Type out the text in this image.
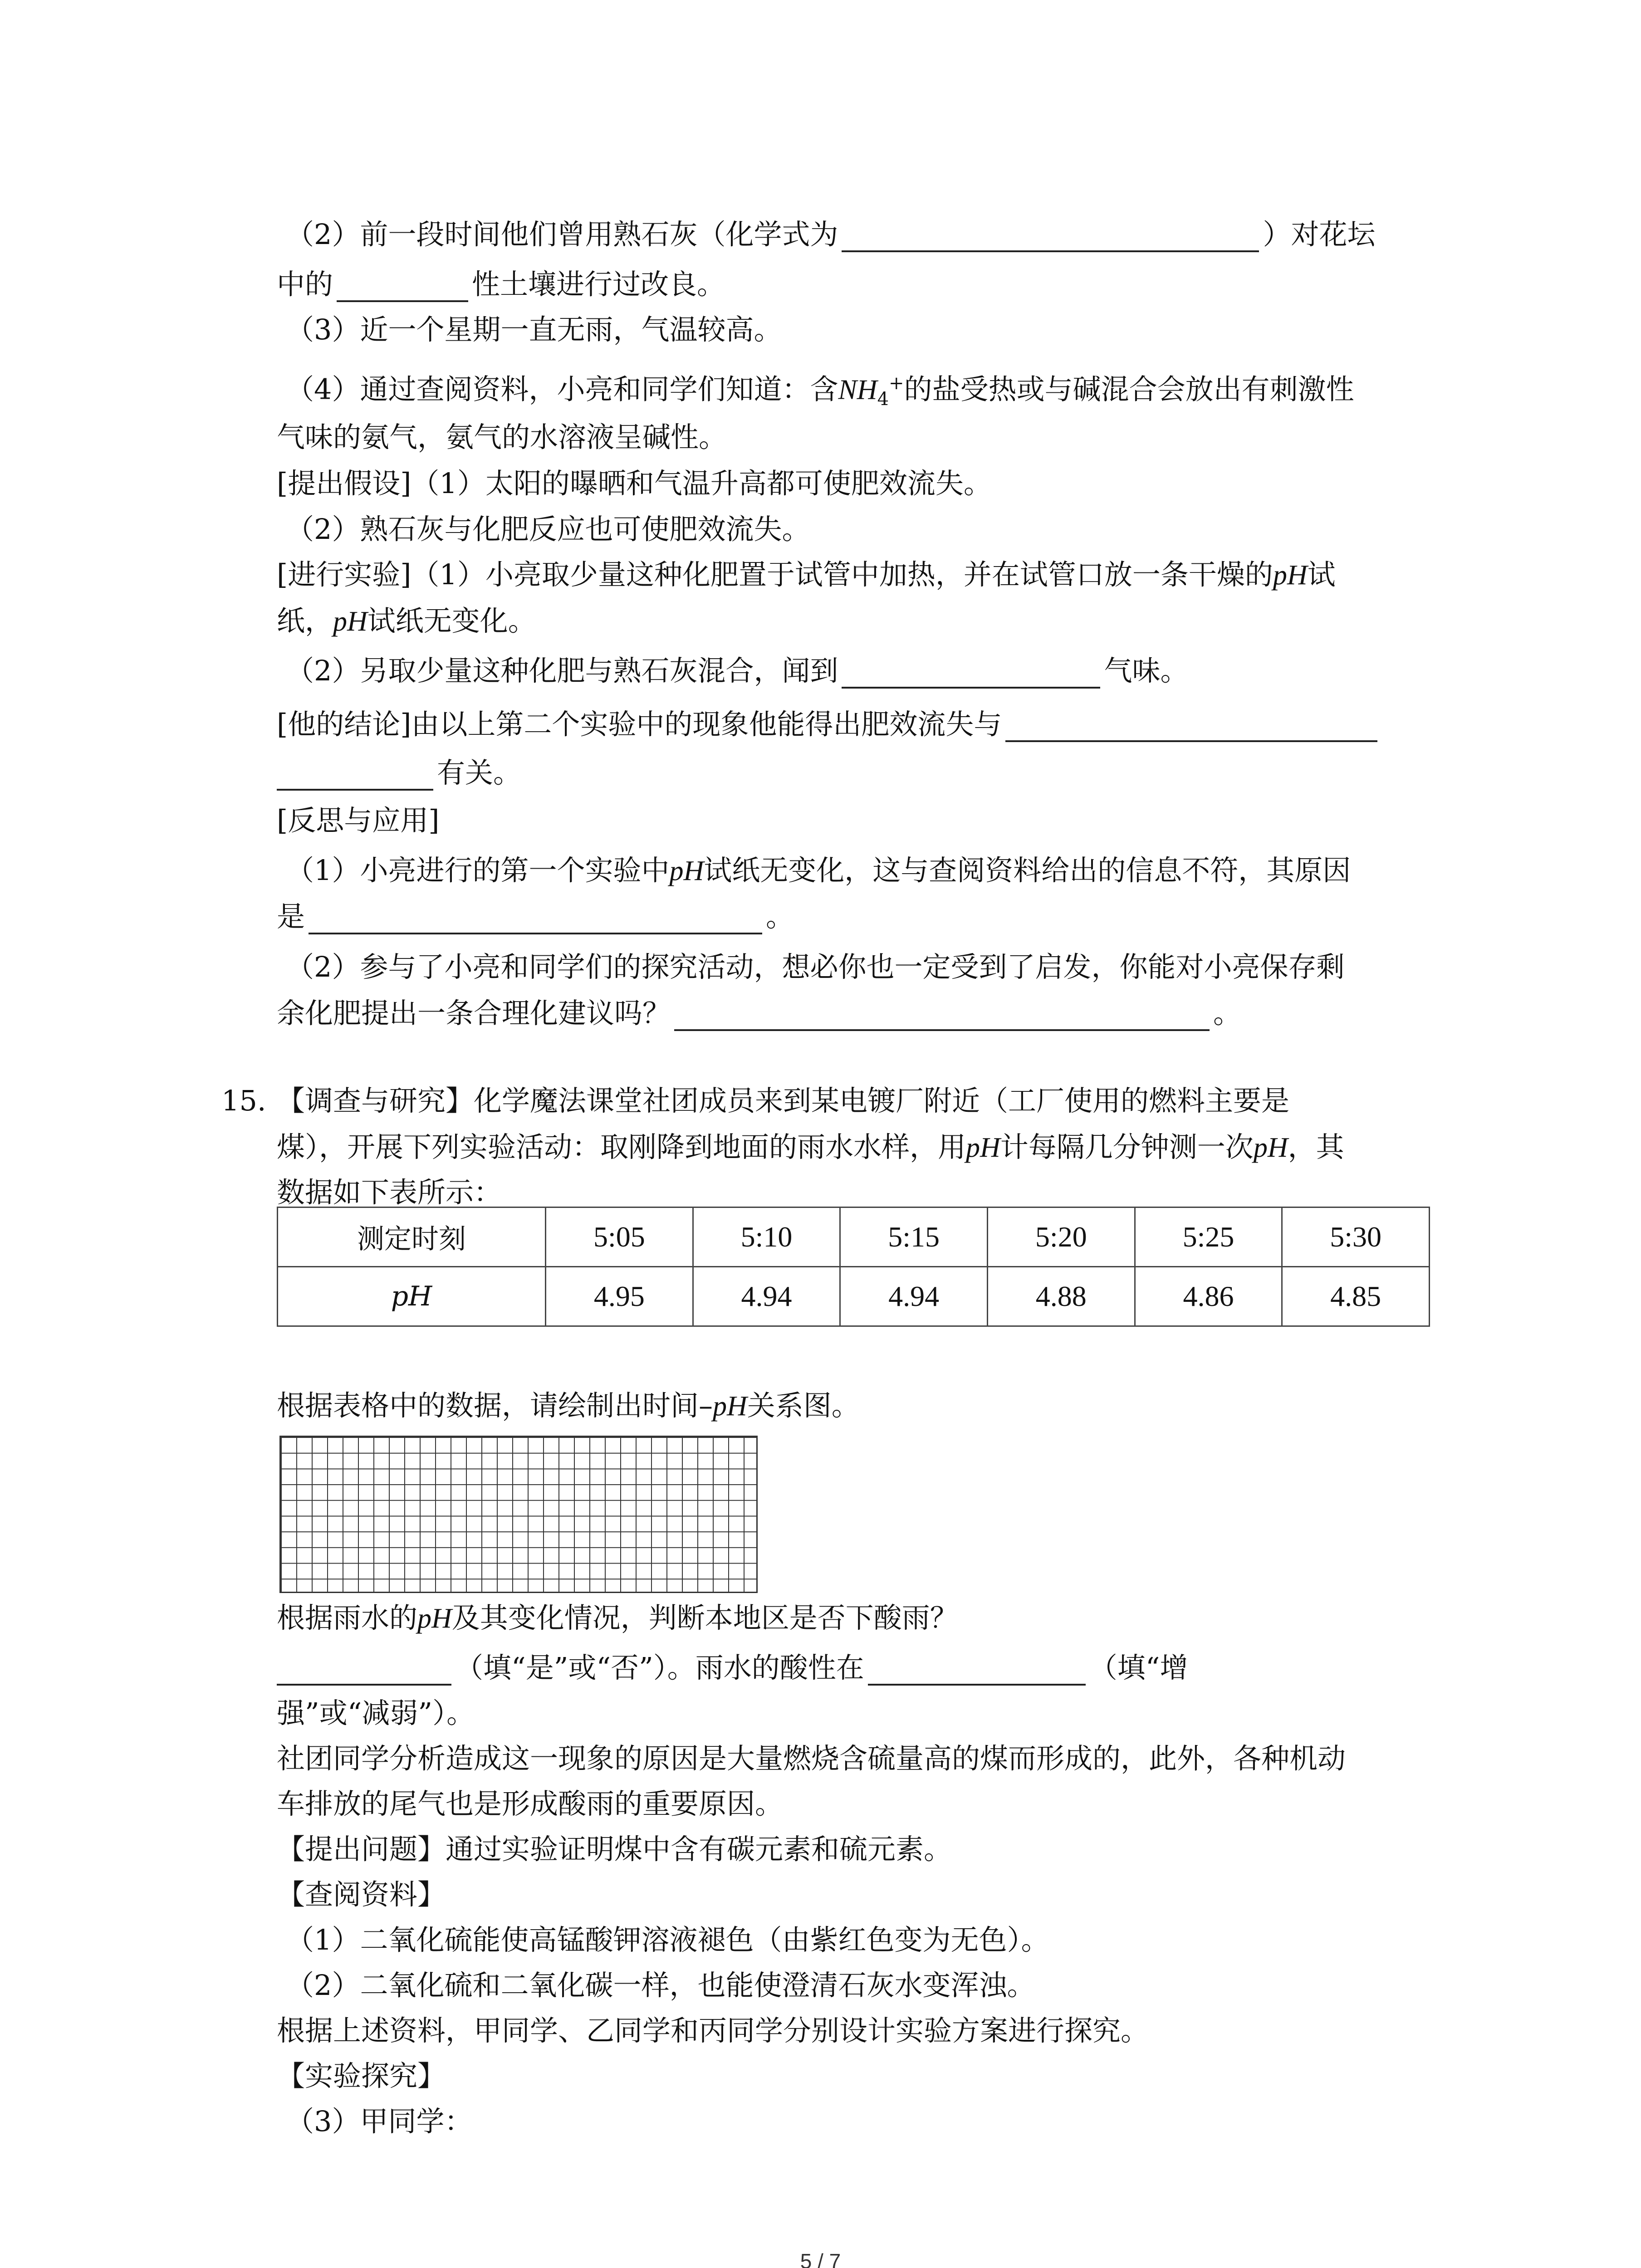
（2）前一段时间他们曾用熟石灰（化学式为	）对花坛
中的	性土壤进行过改良。
（3）近一个星期一直无雨，气温较高。
（4）通过查阅资料，小亮和同学们知道：含$NH_4^+$的盐受热或与碱混合会放出有刺激性
气味的氨气，氨气的水溶液呈碱性。
[提出假设]（1）太阳的曝晒和气温升高都可使肥效流失。
（2）熟石灰与化肥反应也可使肥效流失。
[进行实验]（1）小亮取少量这种化肥置于试管中加热，并在试管口放一条干燥的pH试
纸，pH试纸无变化。
（2）另取少量这种化肥与熟石灰混合，闻到	气味。
[他的结论]由以上第二个实验中的现象他能得出肥效流失与
有关。
[反思与应用]
（1）小亮进行的第一个实验中pH试纸无变化，这与查阅资料给出的信息不符，其原因
是	。
（2）参与了小亮和同学们的探究活动，想必你也一定受到了启发，你能对小亮保存剩
余化肥提出一条合理化建议吗？	。
15. 【调查与研究】化学魔法课堂社团成员来到某电镀厂附近（工厂使用的燃料主要是
煤），开展下列实验活动：取刚降到地面的雨水水样，用pH计每隔几分钟测一次pH，其
数据如下表所示：
测定时刻	5:05	5:10	5:15	5:20	5:25	5:30
pH	4.95	4.94	4.94	4.88	4.86	4.85
根据表格中的数据，请绘制出时间–pH关系图。
根据雨水的pH及其变化情况，判断本地区是否下酸雨？
（填“是”或“否”）。雨水的酸性在	（填“增
强”或“减弱”）。
社团同学分析造成这一现象的原因是大量燃烧含硫量高的煤而形成的，此外，各种机动
车排放的尾气也是形成酸雨的重要原因。
【提出问题】通过实验证明煤中含有碳元素和硫元素。
【查阅资料】
（1）二氧化硫能使高锰酸钾溶液褪色（由紫红色变为无色）。
（2）二氧化硫和二氧化碳一样，也能使澄清石灰水变浑浊。
根据上述资料，甲同学、乙同学和丙同学分别设计实验方案进行探究。
【实验探究】
（3）甲同学：
5 / 7
